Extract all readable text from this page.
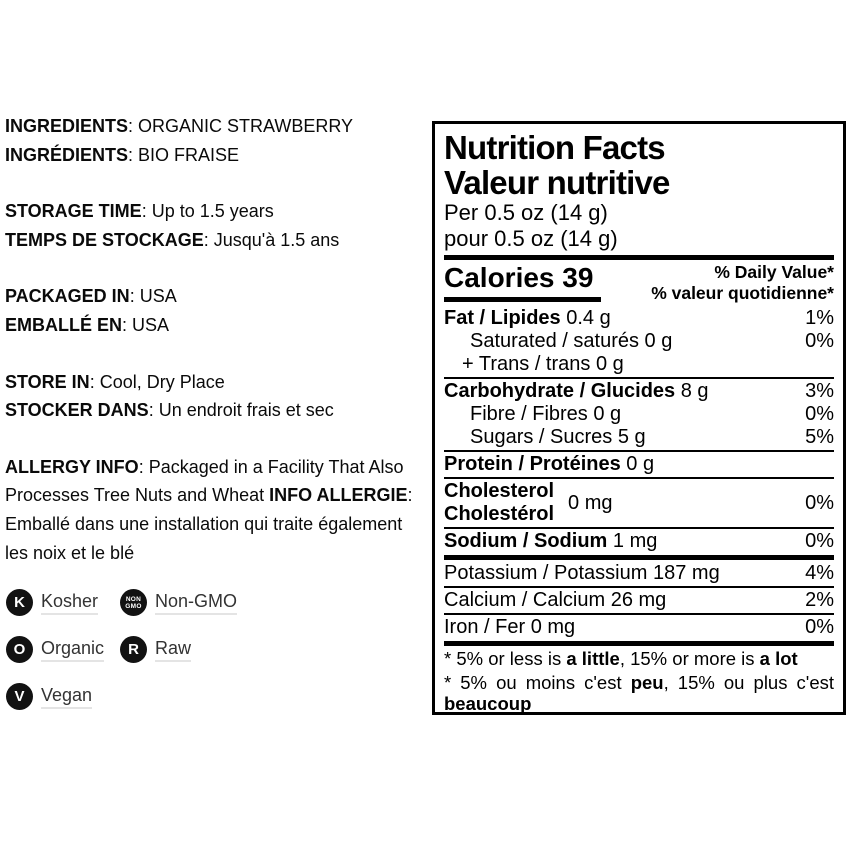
INGREDIENTS: ORGANIC STRAWBERRY
INGRÉDIENTS: BIO FRAISE

STORAGE TIME: Up to 1.5 years
TEMPS DE STOCKAGE: Jusqu'à 1.5 ans

PACKAGED IN: USA
EMBALLÉ EN: USA

STORE IN: Cool, Dry Place
STOCKER DANS: Un endroit frais et sec

ALLERGY INFO: Packaged in a Facility That Also Processes Tree Nuts and Wheat INFO ALLERGIE: Emballé dans une installation qui traite également les noix et le blé

K Kosher	NON
GMO Non-GMO
O Organic	R Raw
V Vegan
Nutrition Facts
Valeur nutritive
Per 0.5 oz (14 g)
pour 0.5 oz (14 g)
Calories 39	% Daily Value*
% valeur quotidienne*
Fat / Lipides 0.4 g	1%
Saturated / saturés 0 g	0%
+ Trans / trans 0 g
Carbohydrate / Glucides 8 g	3%
Fibre / Fibres 0 g	0%
Sugars / Sucres 5 g	5%
Protein / Protéines 0 g
Cholesterol
Cholestérol
0 mg	0%
Sodium / Sodium 1 mg	0%
Potassium / Potassium 187 mg	4%
Calcium / Calcium 26 mg	2%
Iron / Fer 0 mg	0%
* 5% or less is a little, 15% or more is a lot
* 5% ou moins c'est peu, 15% ou plus c'est beaucoup
